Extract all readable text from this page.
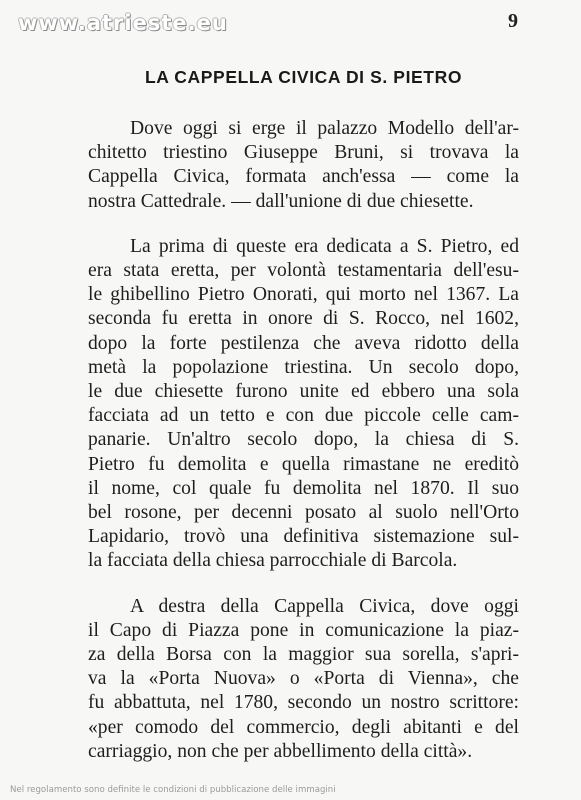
www.atrieste.eu	9
LA CAPPELLA CIVICA DI S. PIETRO

Dove oggi si erge il palazzo Modello dell'ar-
chitetto triestino Giuseppe Bruni, si trovava la
Cappella Civica, formata anch'essa — come la
nostra Cattedrale. — dall'unione di due chiesette.

La prima di queste era dedicata a S. Pietro, ed
era stata eretta, per volontà testamentaria dell'esu-
le ghibellino Pietro Onorati, qui morto nel 1367. La
seconda fu eretta in onore di S. Rocco, nel 1602,
dopo la forte pestilenza che aveva ridotto della
metà la popolazione triestina. Un secolo dopo,
le due chiesette furono unite ed ebbero una sola
facciata ad un tetto e con due piccole celle cam-
panarie. Un'altro secolo dopo, la chiesa di S.
Pietro fu demolita e quella rimastane ne ereditò
il nome, col quale fu demolita nel 1870. Il suo
bel rosone, per decenni posato al suolo nell'Orto
Lapidario, trovò una definitiva sistemazione sul-
la facciata della chiesa parrocchiale di Barcola.

A destra della Cappella Civica, dove oggi
il Capo di Piazza pone in comunicazione la piaz-
za della Borsa con la maggior sua sorella, s'apri-
va la «Porta Nuova» o «Porta di Vienna», che
fu abbattuta, nel 1780, secondo un nostro scrittore:
«per comodo del commercio, degli abitanti e del
carriaggio, non che per abbellimento della città».

Nel regolamento sono definite le condizioni di pubblicazione delle immagini
